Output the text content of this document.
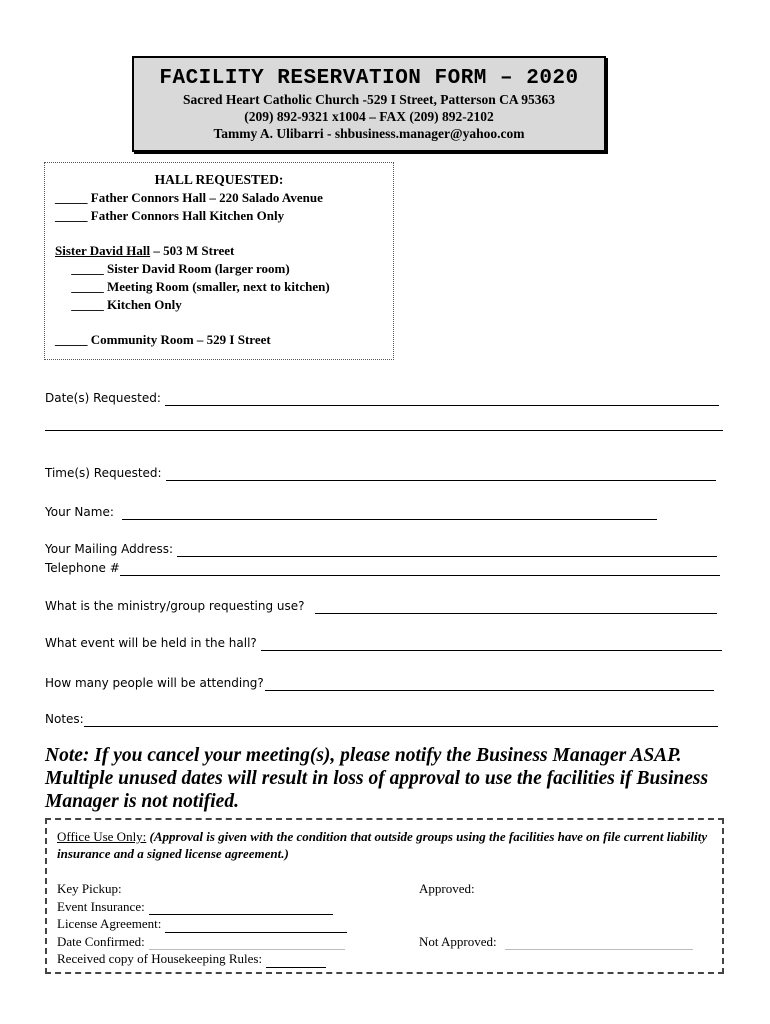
FACILITY RESERVATION FORM – 2020
Sacred Heart Catholic Church -529 I Street, Patterson CA 95363
(209) 892-9321 x1004 – FAX (209) 892-2102
Tammy A. Ulibarri - shbusiness.manager@yahoo.com
HALL REQUESTED:
_____ Father Connors Hall – 220 Salado Avenue
_____ Father Connors Hall Kitchen Only
Sister David Hall – 503 M Street
_____ Sister David Room (larger room)
_____ Meeting Room (smaller, next to kitchen)
_____ Kitchen Only
_____ Community Room – 529 I Street
Date(s) Requested:
Time(s) Requested:
Your Name:
Your Mailing Address:
Telephone #
What is the ministry/group requesting use?
What event will be held in the hall?
How many people will be attending?
Notes:
Note: If you cancel your meeting(s), please notify the Business Manager ASAP. Multiple unused dates will result in loss of approval to use the facilities if Business Manager is not notified.
Office Use Only: (Approval is given with the condition that outside groups using the facilities have on file current liability insurance and a signed license agreement.)
Key Pickup:
Event Insurance:
License Agreement:
Date Confirmed:
Received copy of Housekeeping Rules:
Approved:
Not Approved:
